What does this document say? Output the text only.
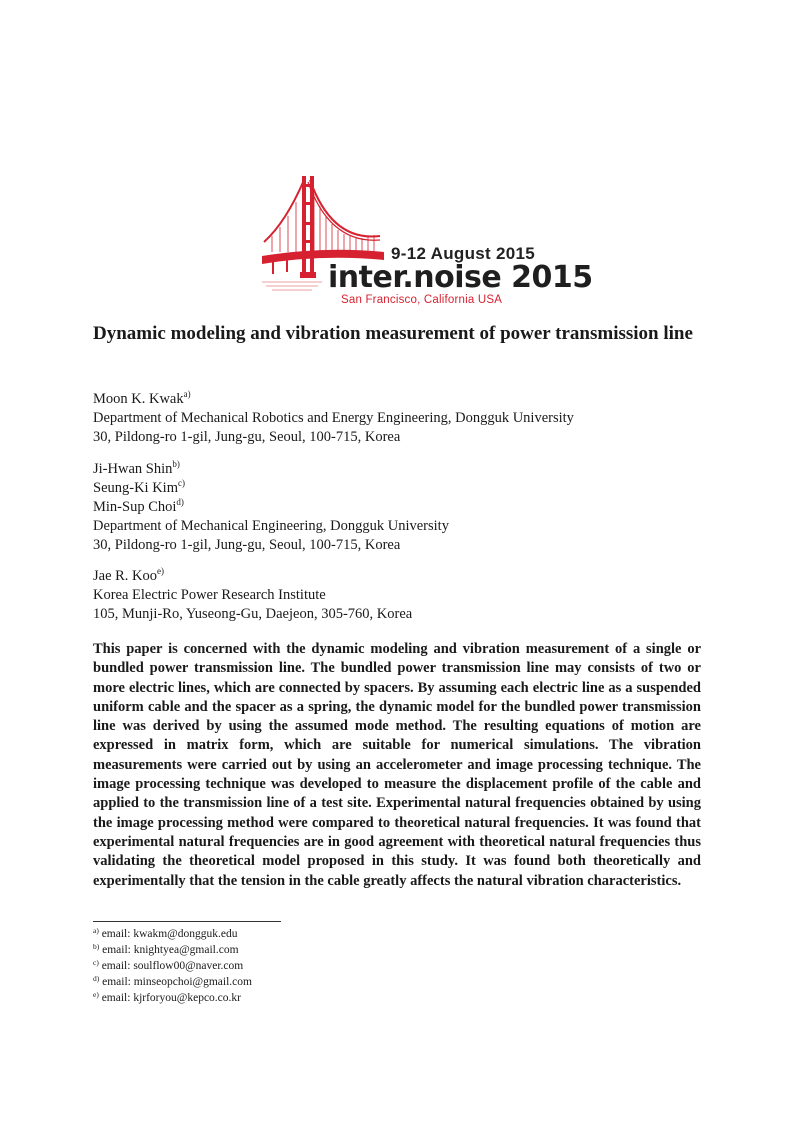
9-12 August 2015
inter.noise 2015
San Francisco, California USA
Dynamic modeling and vibration measurement of power transmission line
Moon K. Kwak$^{a)}$
Department of Mechanical Robotics and Energy Engineering, Dongguk University
30, Pildong-ro 1-gil, Jung-gu, Seoul, 100-715, Korea
Ji-Hwan Shin$^{b)}$
Seung-Ki Kim$^{c)}$
Min-Sup Choi$^{d)}$
Department of Mechanical Engineering, Dongguk University
30, Pildong-ro 1-gil, Jung-gu, Seoul, 100-715, Korea
Jae R. Koo$^{e)}$
Korea Electric Power Research Institute
105, Munji-Ro, Yuseong-Gu, Daejeon, 305-760, Korea
This paper is concerned with the dynamic modeling and vibration measurement of a single or bundled power transmission line. The bundled power transmission line may consists of two or more electric lines, which are connected by spacers. By assuming each electric line as a suspended uniform cable and the spacer as a spring, the dynamic model for the bundled power transmission line was derived by using the assumed mode method. The resulting equations of motion are expressed in matrix form, which are suitable for numerical simulations. The vibration measurements were carried out by using an accelerometer and image processing technique. The image processing technique was developed to measure the displacement profile of the cable and applied to the transmission line of a test site. Experimental natural frequencies obtained by using the image processing method were compared to theoretical natural frequencies. It was found that experimental natural frequencies are in good agreement with theoretical natural frequencies thus validating the theoretical model proposed in this study. It was found both theoretically and experimentally that the tension in the cable greatly affects the natural vibration characteristics.
$^{a)}$ email: kwakm@dongguk.edu
$^{b)}$ email: knightyea@gmail.com
$^{c)}$ email: soulflow00@naver.com
$^{d)}$ email: minseopchoi@gmail.com
$^{e)}$ email: kjrforyou@kepco.co.kr
